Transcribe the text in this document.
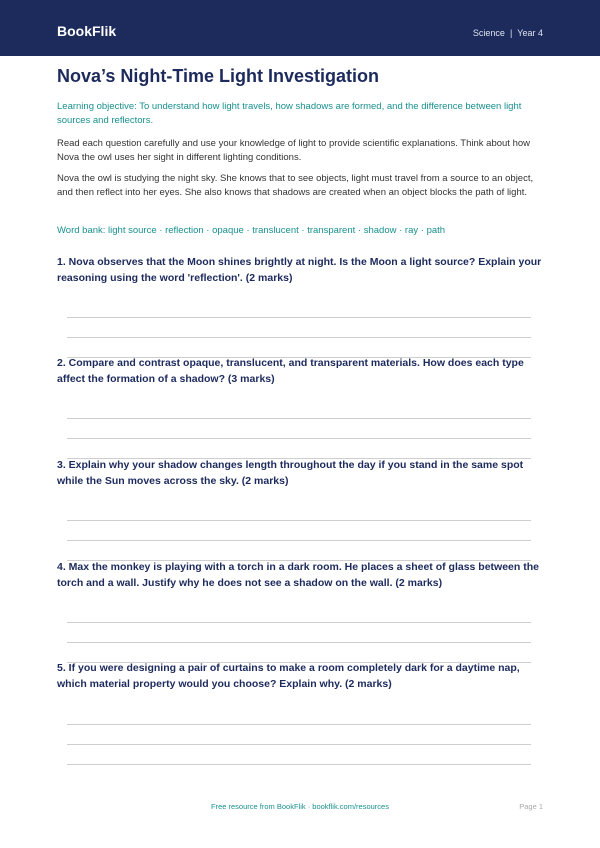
BookFlik	Science | Year 4
Nova’s Night-Time Light Investigation

Learning objective: To understand how light travels, how shadows are formed, and the difference between light sources and reflectors.

Read each question carefully and use your knowledge of light to provide scientific explanations. Think about how Nova the owl uses her sight in different lighting conditions.

Nova the owl is studying the night sky. She knows that to see objects, light must travel from a source to an object, and then reflect into her eyes. She also knows that shadows are created when an object blocks the path of light.

Word bank: light source · reflection · opaque · translucent · transparent · shadow · ray · path

1. Nova observes that the Moon shines brightly at night. Is the Moon a light source? Explain your reasoning using the word 'reflection'. (2 marks)

2. Compare and contrast opaque, translucent, and transparent materials. How does each type affect the formation of a shadow? (3 marks)

3. Explain why your shadow changes length throughout the day if you stand in the same spot while the Sun moves across the sky. (2 marks)

4. Max the monkey is playing with a torch in a dark room. He places a sheet of glass between the torch and a wall. Justify why he does not see a shadow on the wall. (2 marks)

5. If you were designing a pair of curtains to make a room completely dark for a daytime nap, which material property would you choose? Explain why. (2 marks)

Free resource from BookFlik · bookflik.com/resources	Page 1
